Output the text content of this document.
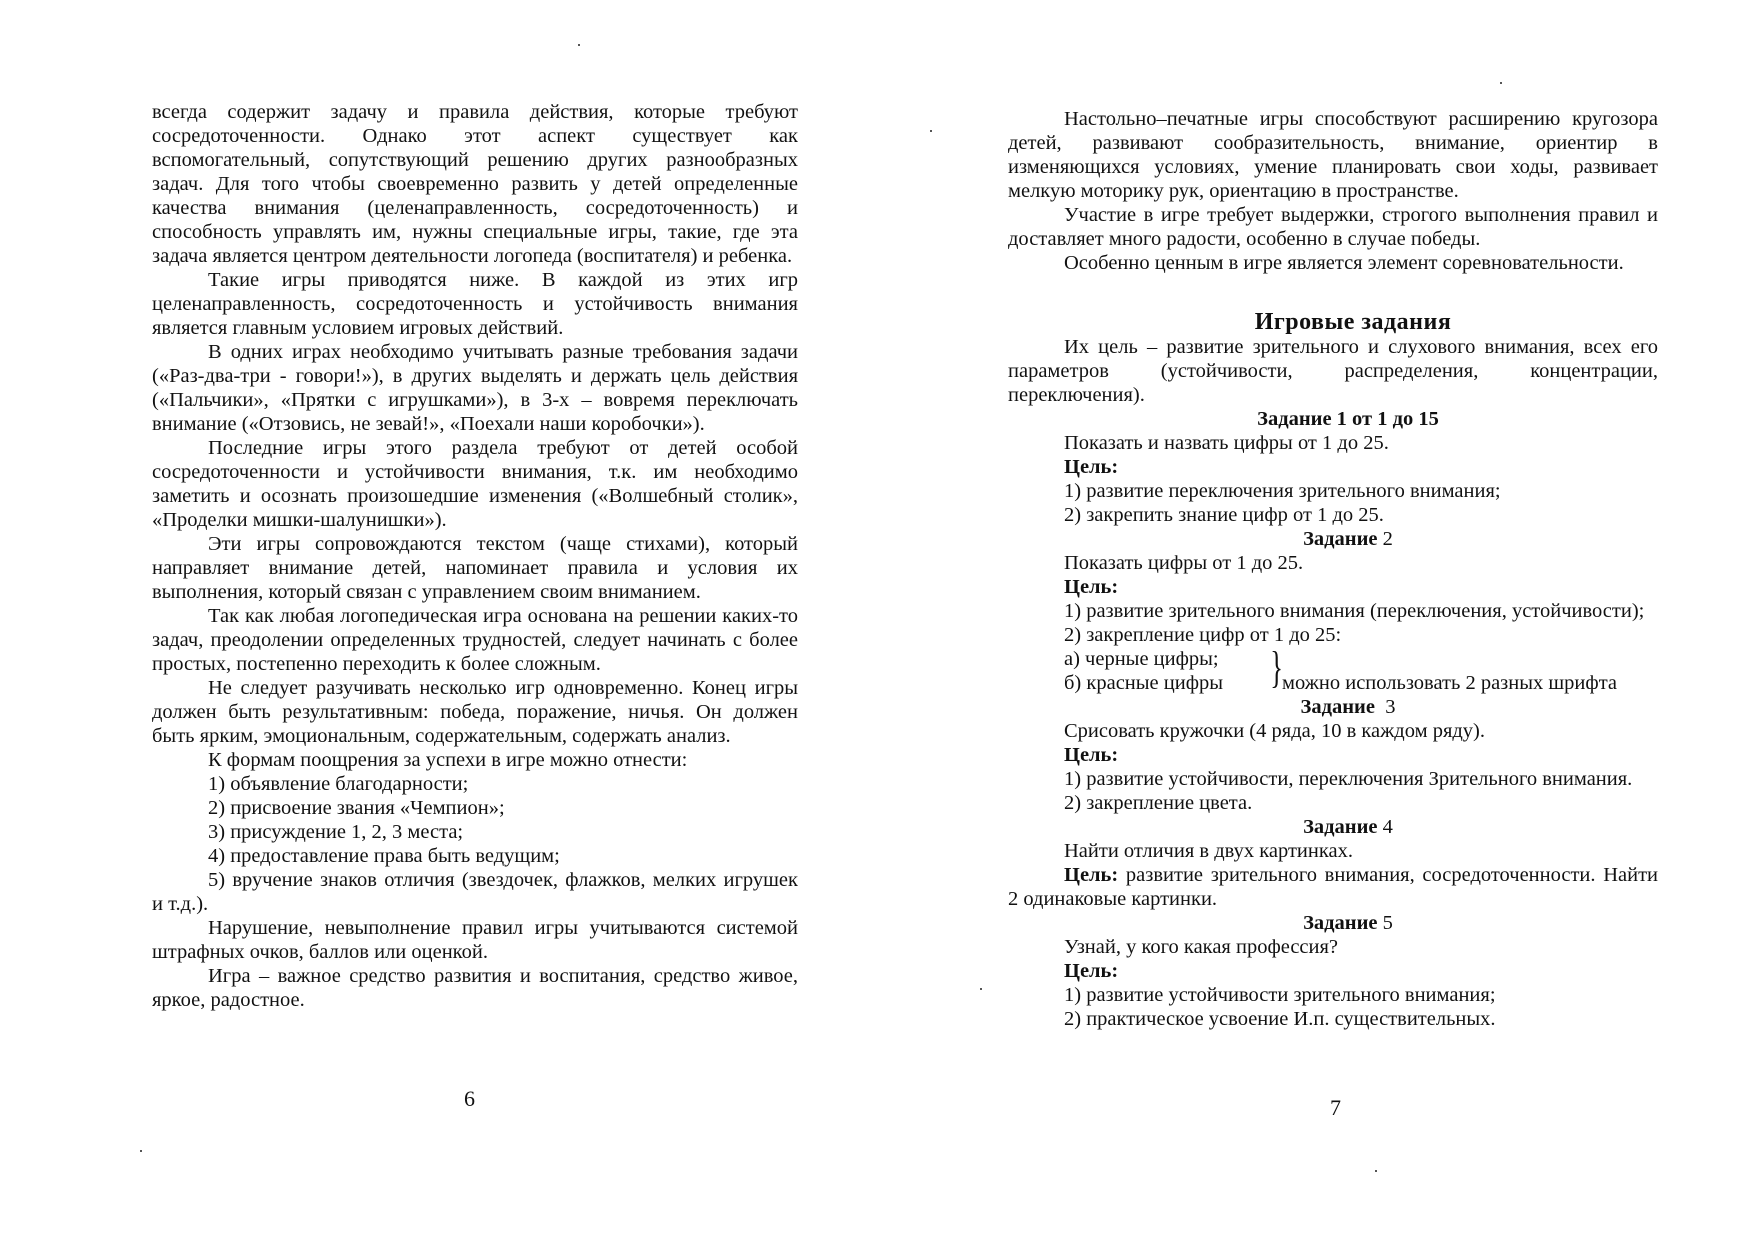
всегда содержит задачу и правила действия, которые требуют сосредоточенности. Однако этот аспект существует как вспомогательный, сопутствующий решению других разнообразных задач. Для того чтобы своевременно развить у детей определенные качества внимания (целенаправленность, сосредоточенность) и способность управлять им, нужны специальные игры, такие, где эта задача является центром деятельности логопеда (воспитателя) и ребенка.

Такие игры приводятся ниже. В каждой из этих игр целенаправленность, сосредоточенность и устойчивость внимания является главным условием игровых действий.

В одних играх необходимо учитывать разные требования задачи («Раз-два-три - говори!»), в других выделять и держать цель действия («Пальчики», «Прятки с игрушками»), в 3-х – вовремя переключать внимание («Отзовись, не зевай!», «Поехали наши коробочки»).

Последние игры этого раздела требуют от детей особой сосредоточенности и устойчивости внимания, т.к. им необходимо заметить и осознать произошедшие изменения («Волшебный столик», «Проделки мишки-шалунишки»).

Эти игры сопровождаются текстом (чаще стихами), который направляет внимание детей, напоминает правила и условия их выполнения, который связан с управлением своим вниманием.

Так как любая логопедическая игра основана на решении каких-то задач, преодолении определенных трудностей, следует начинать с более простых, постепенно переходить к более сложным.

Не следует разучивать несколько игр одновременно. Конец игры должен быть результативным: победа, поражение, ничья. Он должен быть ярким, эмоциональным, содержательным, содержать анализ.

К формам поощрения за успехи в игре можно отнести:

1) объявление благодарности;

2) присвоение звания «Чемпион»;

3) присуждение 1, 2, 3 места;

4) предоставление права быть ведущим;

5) вручение знаков отличия (звездочек, флажков, мелких игрушек и т.д.).

Нарушение, невыполнение правил игры учитываются системой штрафных очков, баллов или оценкой.

Игра – важное средство развития и воспитания, средство живое, яркое, радостное.

6

Настольно–печатные игры способствуют расширению кругозора детей, развивают сообразительность, внимание, ориентир в изменяющихся условиях, умение планировать свои ходы, развивает мелкую моторику рук, ориентацию в пространстве.

Участие в игре требует выдержки, строгого выполнения правил и доставляет много радости, особенно в случае победы.

Особенно ценным в игре является элемент соревновательности.

Игровые задания

Их цель – развитие зрительного и слухового внимания, всех его параметров (устойчивости, распределения, концентрации, переключения).

Задание 1 от 1 до 15

Показать и назвать цифры от 1 до 25.

Цель:

1) развитие переключения зрительного внимания;

2) закрепить знание цифр от 1 до 25.

Задание 2

Показать цифры от 1 до 25.

Цель:

1) развитие зрительного внимания (переключения, устойчивости);

2) закрепление цифр от 1 до 25:

а) черные цифры;
б) красные цифры } можно использовать 2 разных шрифта
Задание 3

Срисовать кружочки (4 ряда, 10 в каждом ряду).

Цель:

1) развитие устойчивости, переключения Зрительного внимания.

2) закрепление цвета.

Задание 4

Найти отличия в двух картинках.

Цель: развитие зрительного внимания, сосредоточенности. Найти 2 одинаковые картинки.

Задание 5

Узнай, у кого какая профессия?

Цель:

1) развитие устойчивости зрительного внимания;

2) практическое усвоение И.п. существительных.

7
